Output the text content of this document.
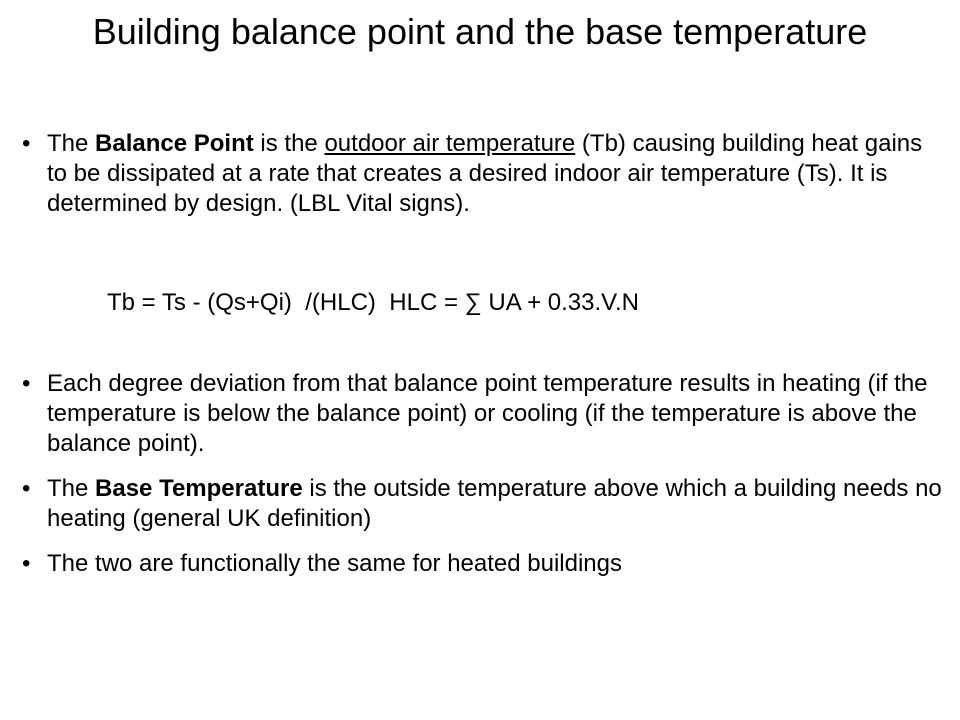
Building balance point and the base temperature
• The Balance Point is the outdoor air temperature (Tb) causing building heat gains to be dissipated at a rate that creates a desired indoor air temperature (Ts). It is determined by design. (LBL Vital signs).
Tb = Ts - (Qs+Qi)  /(HLC)  HLC = ∑ UA + 0.33.V.N
• Each degree deviation from that balance point temperature results in heating (if the temperature is below the balance point) or cooling (if the temperature is above the balance point).
• The Base Temperature is the outside temperature above which a building needs no heating (general UK definition)
• The two are functionally the same for heated buildings
